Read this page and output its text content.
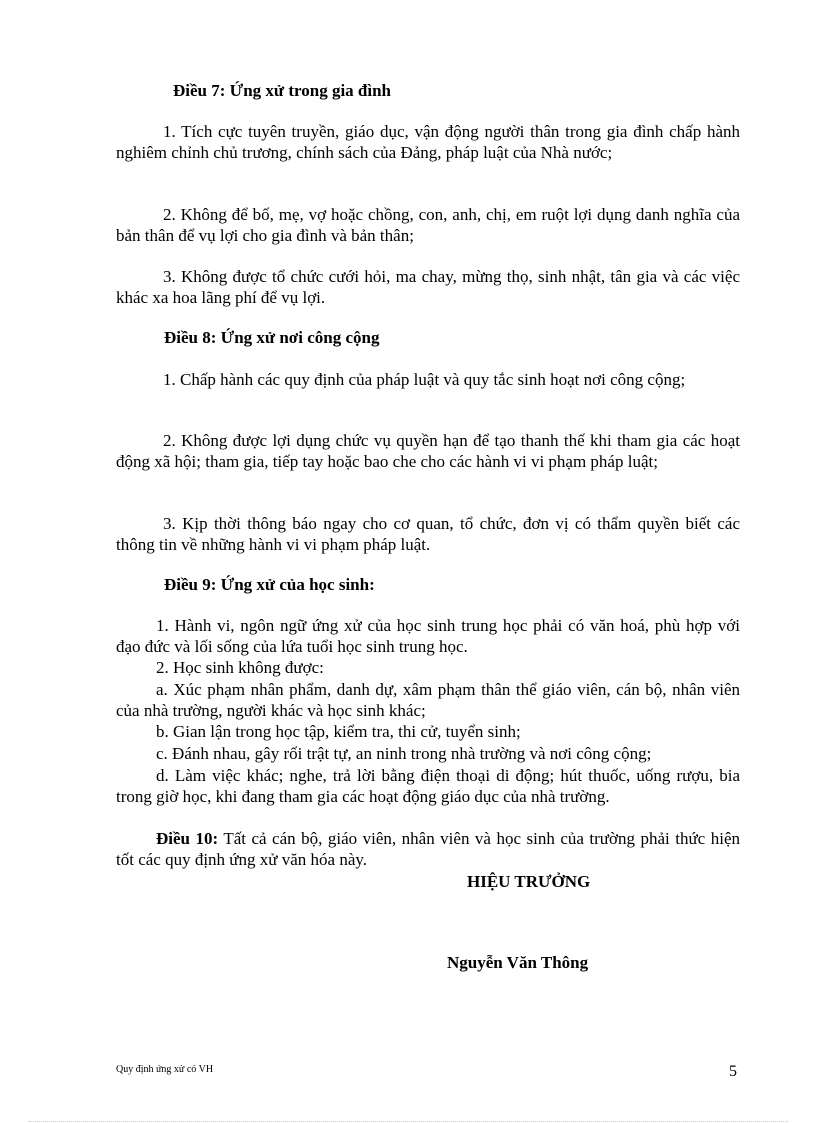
Điều 7: Ứng xử trong gia đình
1. Tích cực tuyên truyền, giáo dục, vận động người thân trong gia đình chấp hành nghiêm chỉnh chủ trương, chính sách của Đảng, pháp luật của Nhà nước;
2. Không để bố, mẹ, vợ hoặc chồng, con, anh, chị, em ruột lợi dụng danh nghĩa của bản thân để vụ lợi cho gia đình và bản thân;
3. Không được tổ chức cưới hỏi, ma chay, mừng thọ, sinh nhật, tân gia và các việc khác xa hoa lãng phí để vụ lợi.
Điều 8: Ứng xử nơi công cộng
1. Chấp hành các quy định của pháp luật và quy tắc sinh hoạt nơi công cộng;
2. Không được lợi dụng chức vụ quyền hạn để tạo thanh thế khi tham gia các hoạt động xã hội; tham gia, tiếp tay hoặc bao che cho các hành vi vi phạm pháp luật;
3. Kịp thời thông báo ngay cho cơ quan, tổ chức, đơn vị có thẩm quyền biết các thông tin về những hành vi vi phạm pháp luật.
Điều 9: Ứng xử của học sinh:
1. Hành vi, ngôn ngữ ứng xử của học sinh trung học phải có văn hoá, phù hợp với đạo đức và lối sống của lứa tuổi học sinh trung học.
2. Học sinh không được:
a. Xúc phạm nhân phẩm, danh dự, xâm phạm thân thể giáo viên, cán bộ, nhân viên của nhà trường, người khác và học sinh khác;
b. Gian lận trong học tập, kiểm tra, thi cử, tuyển sinh;
c. Đánh nhau, gây rối trật tự, an ninh trong nhà trường và nơi công cộng;
d. Làm việc khác; nghe, trả lời bằng điện thoại di động; hút thuốc, uống rượu, bia trong giờ học, khi đang tham gia các hoạt động giáo dục của nhà trường.
Điều 10: Tất cả cán bộ, giáo viên, nhân viên và học sinh của trường phải thức hiện tốt các quy định ứng xử văn hóa này.
HIỆU TRƯỞNG
Nguyễn Văn Thông
Quy định ứng xử có VH	5
